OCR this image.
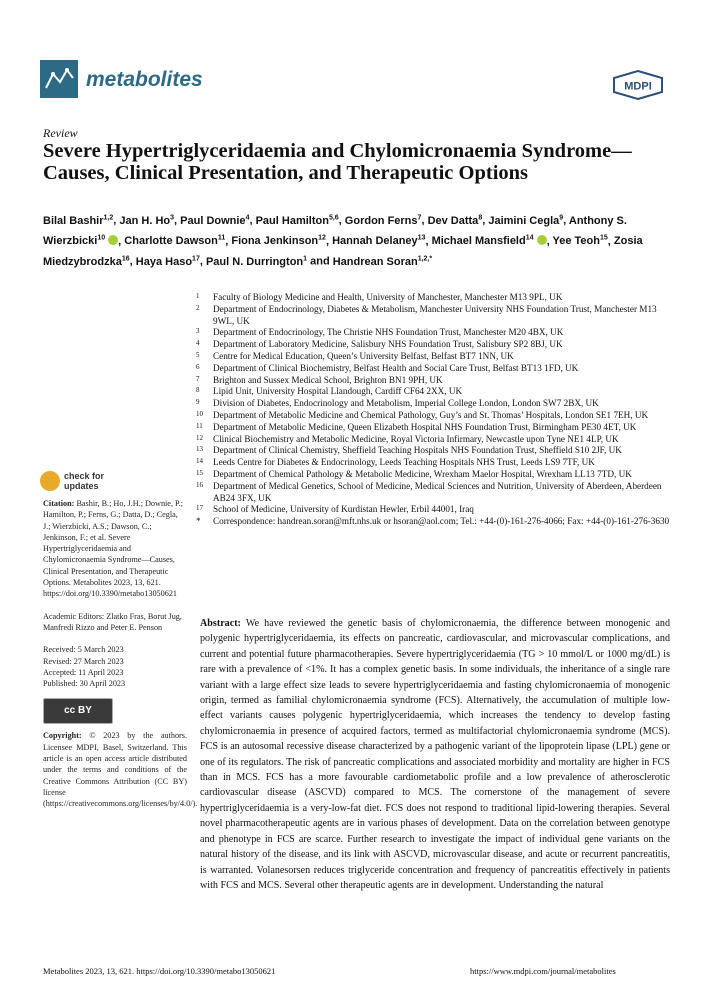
metabolites	MDPI
Review
Severe Hypertriglyceridaemia and Chylomicronaemia Syndrome—Causes, Clinical Presentation, and Therapeutic Options
Bilal Bashir$^{1,2}$, Jan H. Ho$^3$, Paul Downie$^4$, Paul Hamilton$^{5,6}$, Gordon Ferns$^7$, Dev Datta$^8$, Jaimini Cegla$^9$, Anthony S. Wierzbicki$^{10}$ , Charlotte Dawson$^{11}$, Fiona Jenkinson$^{12}$, Hannah Delaney$^{13}$, Michael Mansfield$^{14}$ , Yee Teoh$^{15}$, Zosia Miedzybrodzka$^{16}$, Haya Haso$^{17}$, Paul N. Durrington$^1$ and Handrean Soran$^{1,2,*}$
1 Faculty of Biology Medicine and Health, University of Manchester, Manchester M13 9PL, UK
2 Department of Endocrinology, Diabetes & Metabolism, Manchester University NHS Foundation Trust, Manchester M13 9WL, UK
3 Department of Endocrinology, The Christie NHS Foundation Trust, Manchester M20 4BX, UK
4 Department of Laboratory Medicine, Salisbury NHS Foundation Trust, Salisbury SP2 8BJ, UK
5 Centre for Medical Education, Queen’s University Belfast, Belfast BT7 1NN, UK
6 Department of Clinical Biochemistry, Belfast Health and Social Care Trust, Belfast BT13 1FD, UK
7 Brighton and Sussex Medical School, Brighton BN1 9PH, UK
8 Lipid Unit, University Hospital Llandough, Cardiff CF64 2XX, UK
9 Division of Diabetes, Endocrinology and Metabolism, Imperial College London, London SW7 2BX, UK
10 Department of Metabolic Medicine and Chemical Pathology, Guy’s and St. Thomas’ Hospitals, London SE1 7EH, UK
11 Department of Metabolic Medicine, Queen Elizabeth Hospital NHS Foundation Trust, Birmingham PE30 4ET, UK
12 Clinical Biochemistry and Metabolic Medicine, Royal Victoria Infirmary, Newcastle upon Tyne NE1 4LP, UK
13 Department of Clinical Chemistry, Sheffield Teaching Hospitals NHS Foundation Trust, Sheffield S10 2JF, UK
14 Leeds Centre for Diabetes & Endocrinology, Leeds Teaching Hospitals NHS Trust, Leeds LS9 7TF, UK
15 Department of Chemical Pathology & Metabolic Medicine, Wrexham Maelor Hospital, Wrexham LL13 7TD, UK
16 Department of Medical Genetics, School of Medicine, Medical Sciences and Nutrition, University of Aberdeen, Aberdeen AB24 3FX, UK
17 School of Medicine, University of Kurdistan Hewler, Erbil 44001, Iraq
* Correspondence: handrean.soran@mft.nhs.uk or hsoran@aol.com; Tel.: +44-(0)-161-276-4066; Fax: +44-(0)-161-276-3630
check for
updates

Citation: Bashir, B.; Ho, J.H.; Downie, P.; Hamilton, P.; Ferns, G.; Datta, D.; Cegla, J.; Wierzbicki, A.S.; Dawson, C.; Jenkinson, F.; et al. Severe Hypertriglyceridaemia and Chylomicronaemia Syndrome—Causes, Clinical Presentation, and Therapeutic Options. Metabolites 2023, 13, 621. https://doi.org/10.3390/metabo13050621

Academic Editors: Zlatko Fras, Borut Jug, Manfredi Rizzo and Peter E. Penson

Received: 5 March 2023
Revised: 27 March 2023
Accepted: 11 April 2023
Published: 30 April 2023

cc BY

Copyright: © 2023 by the authors. Licensee MDPI, Basel, Switzerland. This article is an open access article distributed under the terms and conditions of the Creative Commons Attribution (CC BY) license (https://creativecommons.org/licenses/by/4.0/).

Abstract: We have reviewed the genetic basis of chylomicronaemia, the difference between monogenic and polygenic hypertriglyceridaemia, its effects on pancreatic, cardiovascular, and microvascular complications, and current and potential future pharmacotherapies. Severe hypertriglyceridaemia (TG > 10 mmol/L or 1000 mg/dL) is rare with a prevalence of <1%. It has a complex genetic basis. In some individuals, the inheritance of a single rare variant with a large effect size leads to severe hypertriglyceridaemia and fasting chylomicronaemia of monogenic origin, termed as familial chylomicronaemia syndrome (FCS). Alternatively, the accumulation of multiple low-effect variants causes polygenic hypertriglyceridaemia, which increases the tendency to develop fasting chylomicronaemia in presence of acquired factors, termed as multifactorial chylomicronaemia syndrome (MCS). FCS is an autosomal recessive disease characterized by a pathogenic variant of the lipoprotein lipase (LPL) gene or one of its regulators. The risk of pancreatic complications and associated morbidity and mortality are higher in FCS than in MCS. FCS has a more favourable cardiometabolic profile and a low prevalence of atherosclerotic cardiovascular disease (ASCVD) compared to MCS. The cornerstone of the management of severe hypertriglyceridaemia is a very-low-fat diet. FCS does not respond to traditional lipid-lowering therapies. Several novel pharmacotherapeutic agents are in various phases of development. Data on the correlation between genotype and phenotype in FCS are scarce. Further research to investigate the impact of individual gene variants on the natural history of the disease, and its link with ASCVD, microvascular disease, and acute or recurrent pancreatitis, is warranted. Volanesorsen reduces triglyceride concentration and frequency of pancreatitis effectively in patients with FCS and MCS. Several other therapeutic agents are in development. Understanding the natural
Metabolites 2023, 13, 621. https://doi.org/10.3390/metabo13050621	https://www.mdpi.com/journal/metabolites
